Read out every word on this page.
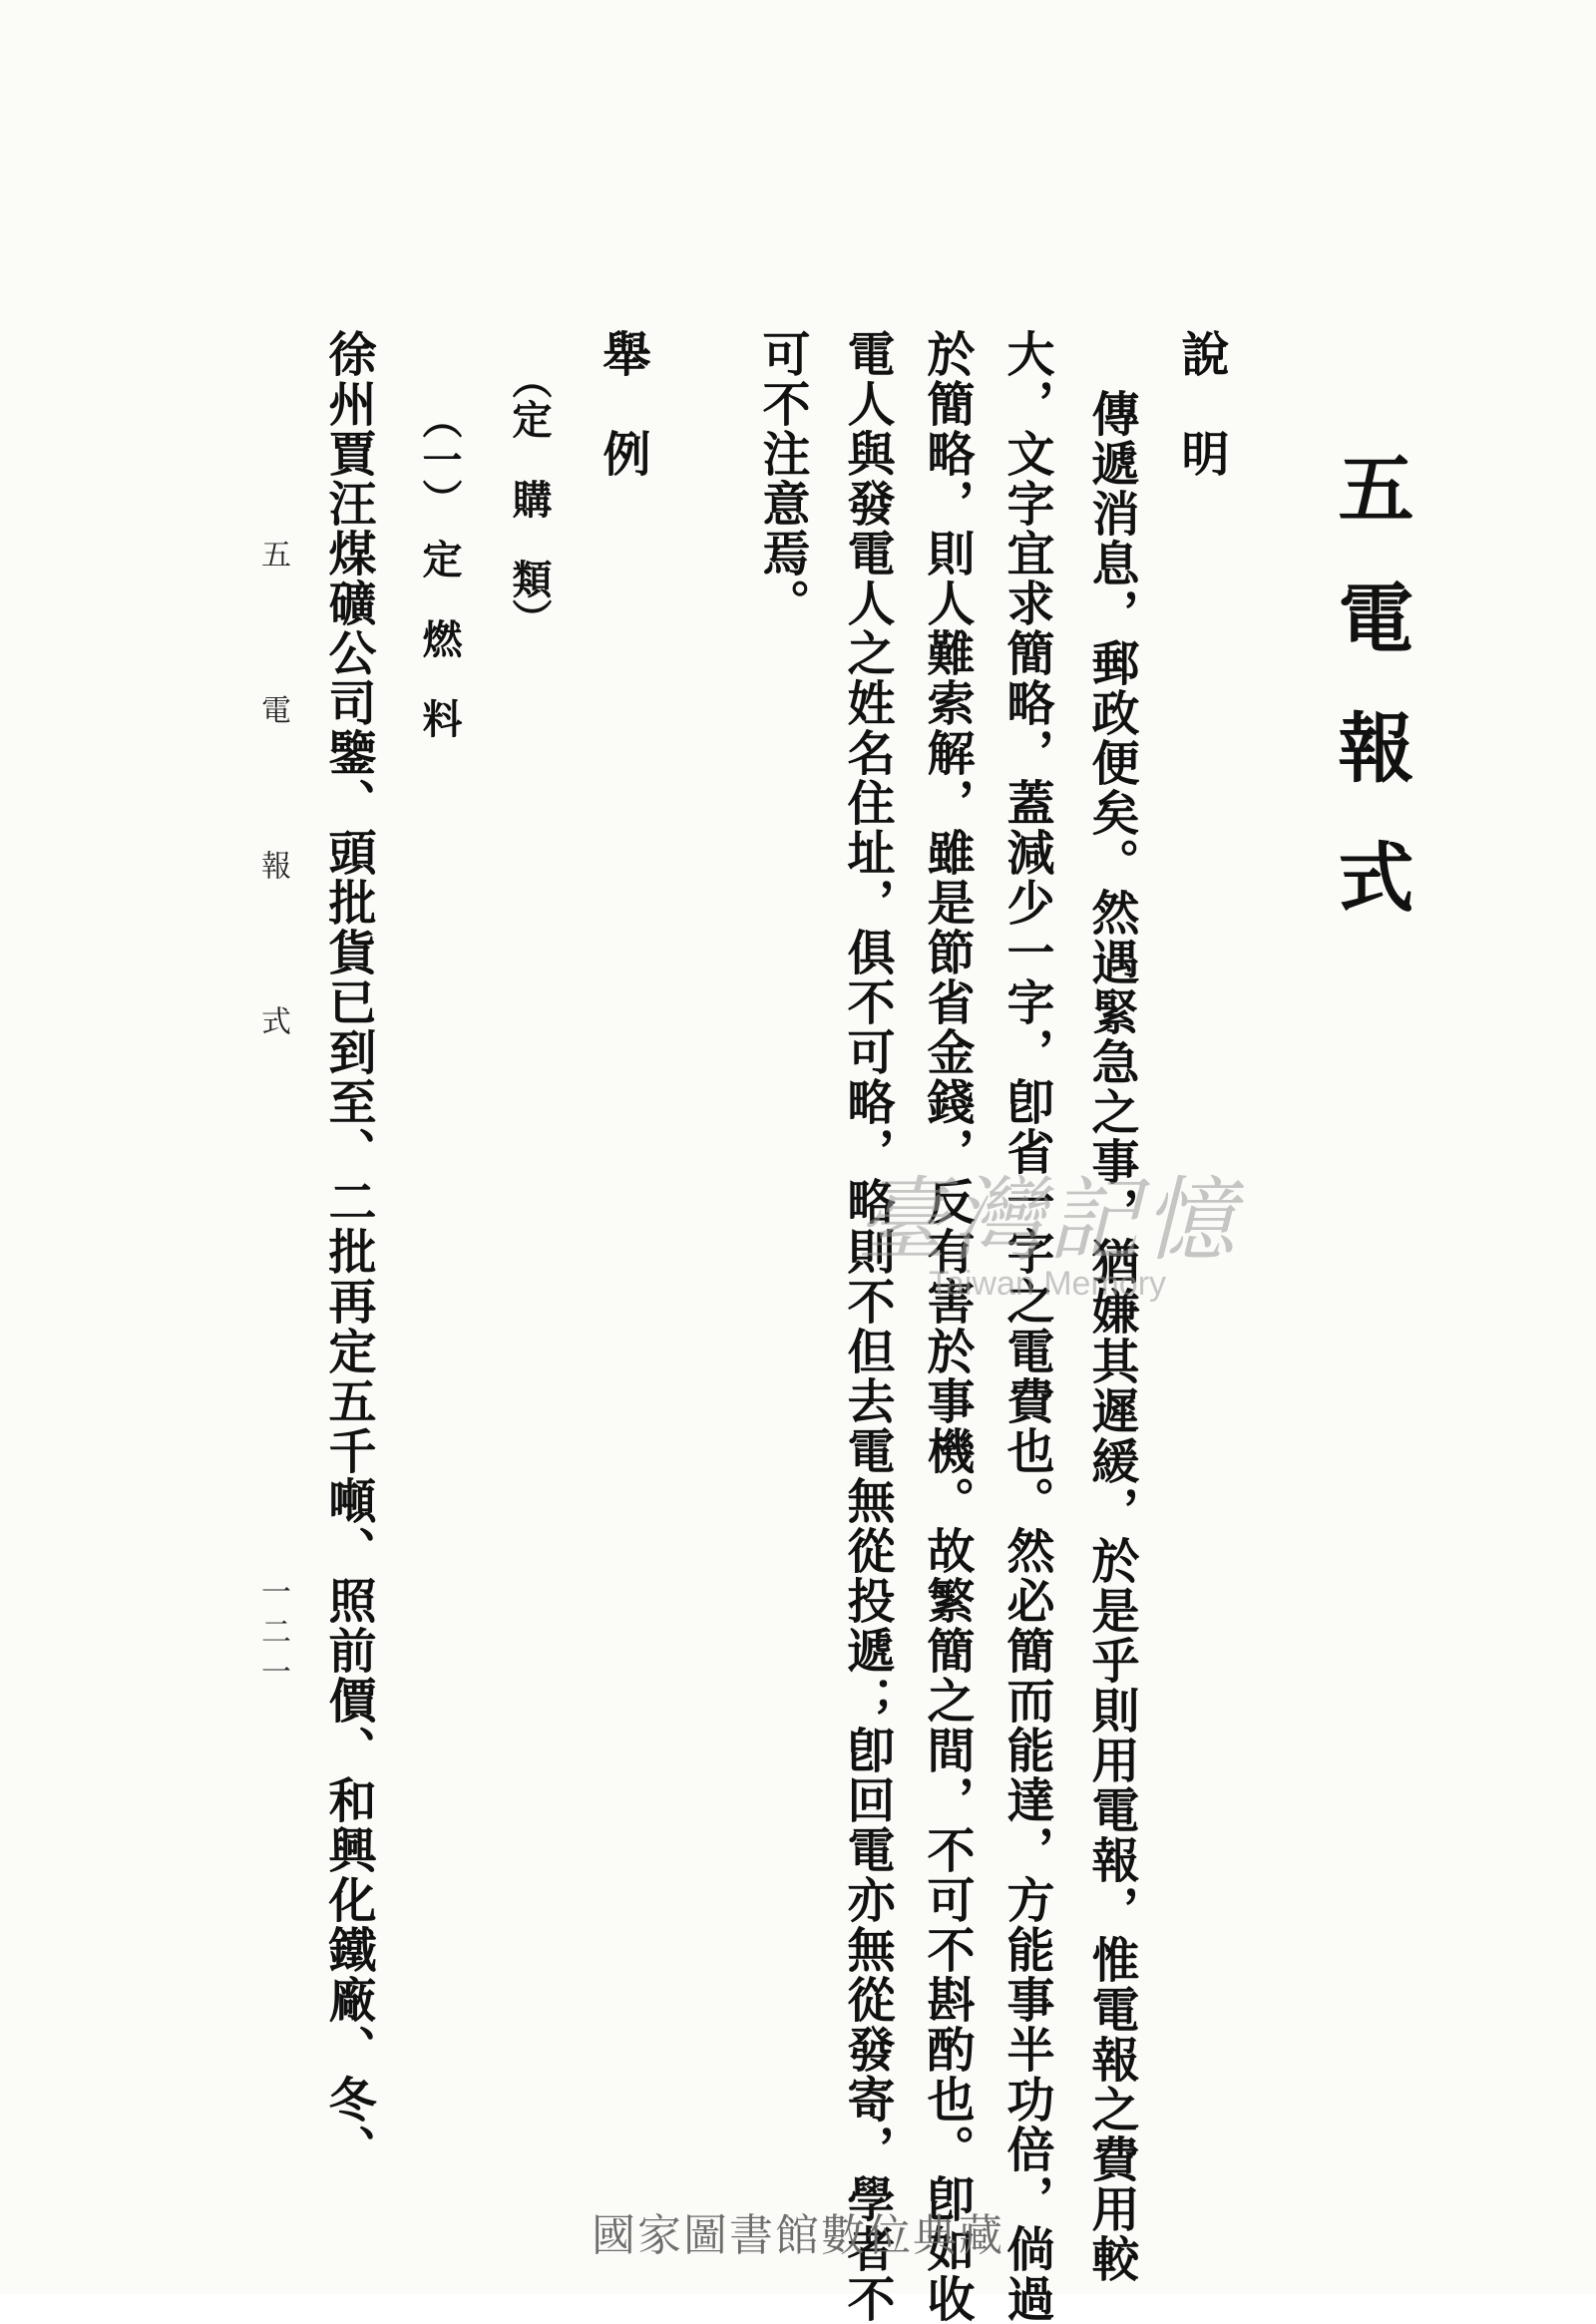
五電報式
說　明
傳遞消息，郵政便矣。然遇緊急之事，猶嫌其遲緩，於是乎則用電報，惟電報之費用較
大，文字宜求簡略，蓋減少一字，卽省一字之電費也。然必簡而能達，方能事半功倍，倘過
於簡略，則人難索解，雖是節省金錢，反有害於事機。故繁簡之間，不可不斟酌也。卽如收
電人與發電人之姓名住址，俱不可略，略則不但去電無從投遞；卽回電亦無從發寄，學者不
可不注意焉。
舉　例
（定　購　類）
（一）　定　燃　料
徐州賈汪煤礦公司鑒、頭批貨已到至、二批再定五千噸、照前價、和興化鐵廠、冬、
五　電　報　式
一二一
臺灣記憶
Taiwan Memory
國家圖書館數位典藏
